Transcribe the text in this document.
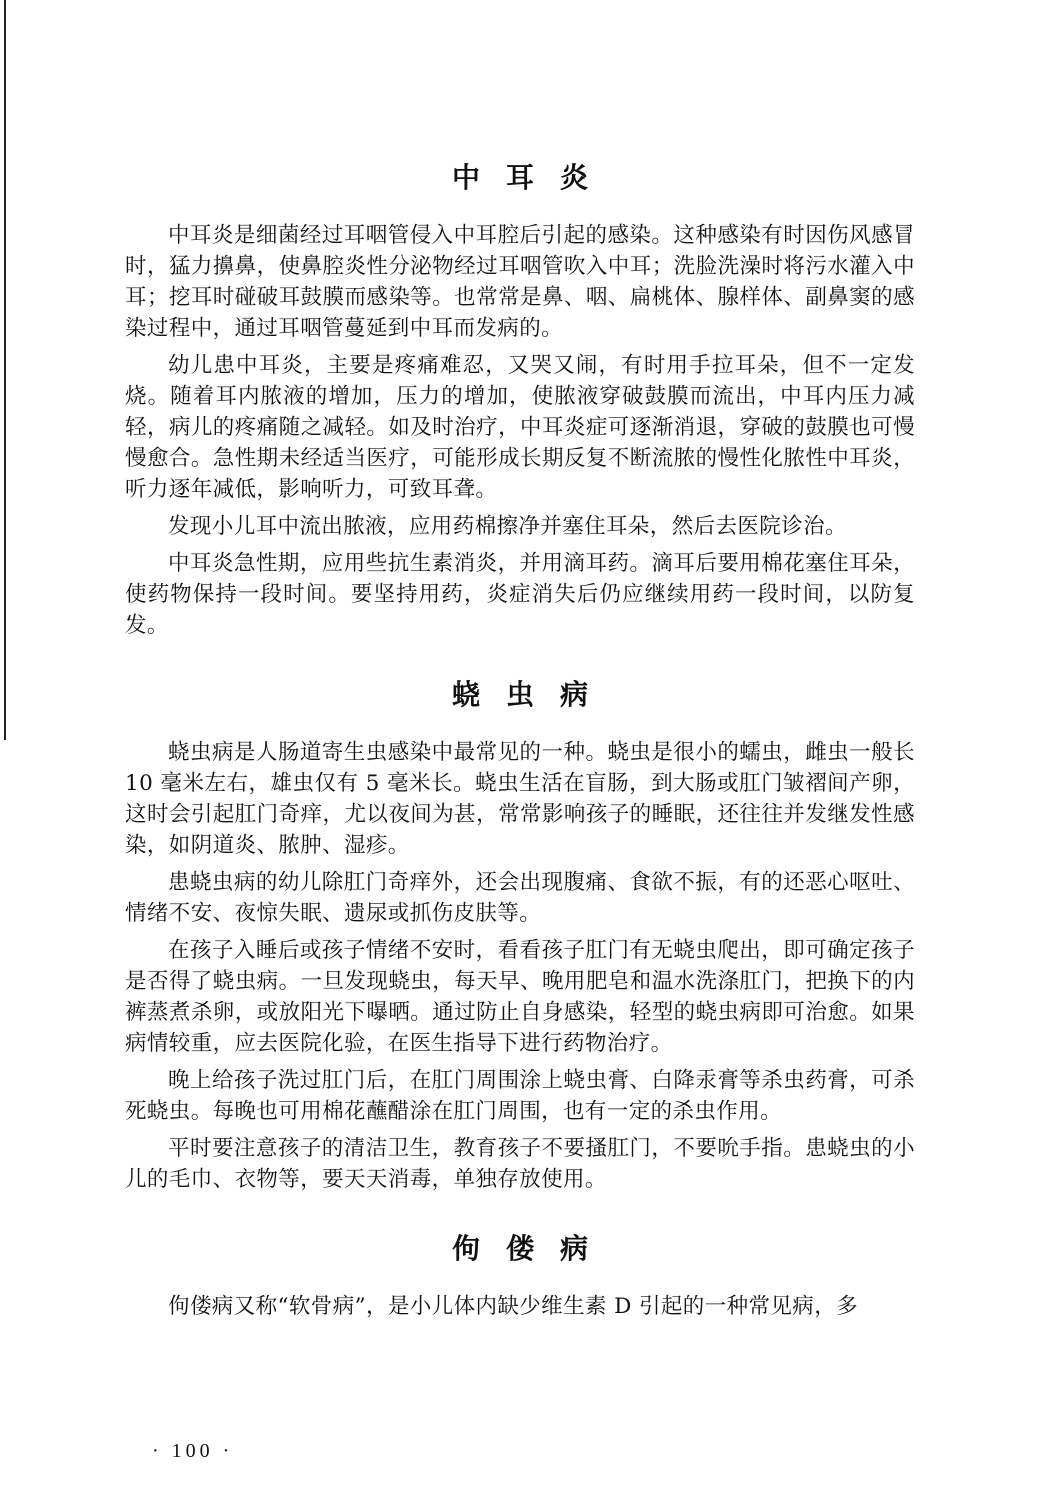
中耳炎

中耳炎是细菌经过耳咽管侵入中耳腔后引起的感染。这种感染有时因伤风感冒时，猛力擤鼻，使鼻腔炎性分泌物经过耳咽管吹入中耳；洗脸洗澡时将污水灌入中耳；挖耳时碰破耳鼓膜而感染等。也常常是鼻、咽、扁桃体、腺样体、副鼻窦的感染过程中，通过耳咽管蔓延到中耳而发病的。

幼儿患中耳炎，主要是疼痛难忍，又哭又闹，有时用手拉耳朵，但不一定发烧。随着耳内脓液的增加，压力的增加，使脓液穿破鼓膜而流出，中耳内压力减轻，病儿的疼痛随之减轻。如及时治疗，中耳炎症可逐渐消退，穿破的鼓膜也可慢慢愈合。急性期未经适当医疗，可能形成长期反复不断流脓的慢性化脓性中耳炎，听力逐年减低，影响听力，可致耳聋。

发现小儿耳中流出脓液，应用药棉擦净并塞住耳朵，然后去医院诊治。

中耳炎急性期，应用些抗生素消炎，并用滴耳药。滴耳后要用棉花塞住耳朵，使药物保持一段时间。要坚持用药，炎症消失后仍应继续用药一段时间，以防复发。

蛲虫病

蛲虫病是人肠道寄生虫感染中最常见的一种。蛲虫是很小的蠕虫，雌虫一般长 10 毫米左右，雄虫仅有 5 毫米长。蛲虫生活在盲肠，到大肠或肛门皱褶间产卵，这时会引起肛门奇痒，尤以夜间为甚，常常影响孩子的睡眠，还往往并发继发性感染，如阴道炎、脓肿、湿疹。

患蛲虫病的幼儿除肛门奇痒外，还会出现腹痛、食欲不振，有的还恶心呕吐、情绪不安、夜惊失眠、遗尿或抓伤皮肤等。

在孩子入睡后或孩子情绪不安时，看看孩子肛门有无蛲虫爬出，即可确定孩子是否得了蛲虫病。一旦发现蛲虫，每天早、晚用肥皂和温水洗涤肛门，把换下的内裤蒸煮杀卵，或放阳光下曝晒。通过防止自身感染，轻型的蛲虫病即可治愈。如果病情较重，应去医院化验，在医生指导下进行药物治疗。

晚上给孩子洗过肛门后，在肛门周围涂上蛲虫膏、白降汞膏等杀虫药膏，可杀死蛲虫。每晚也可用棉花蘸醋涂在肛门周围，也有一定的杀虫作用。

平时要注意孩子的清洁卫生，教育孩子不要搔肛门，不要吮手指。患蛲虫的小儿的毛巾、衣物等，要天天消毒，单独存放使用。

佝偻病

佝偻病又称“软骨病”，是小儿体内缺少维生素 D 引起的一种常见病，多

· 100 ·
